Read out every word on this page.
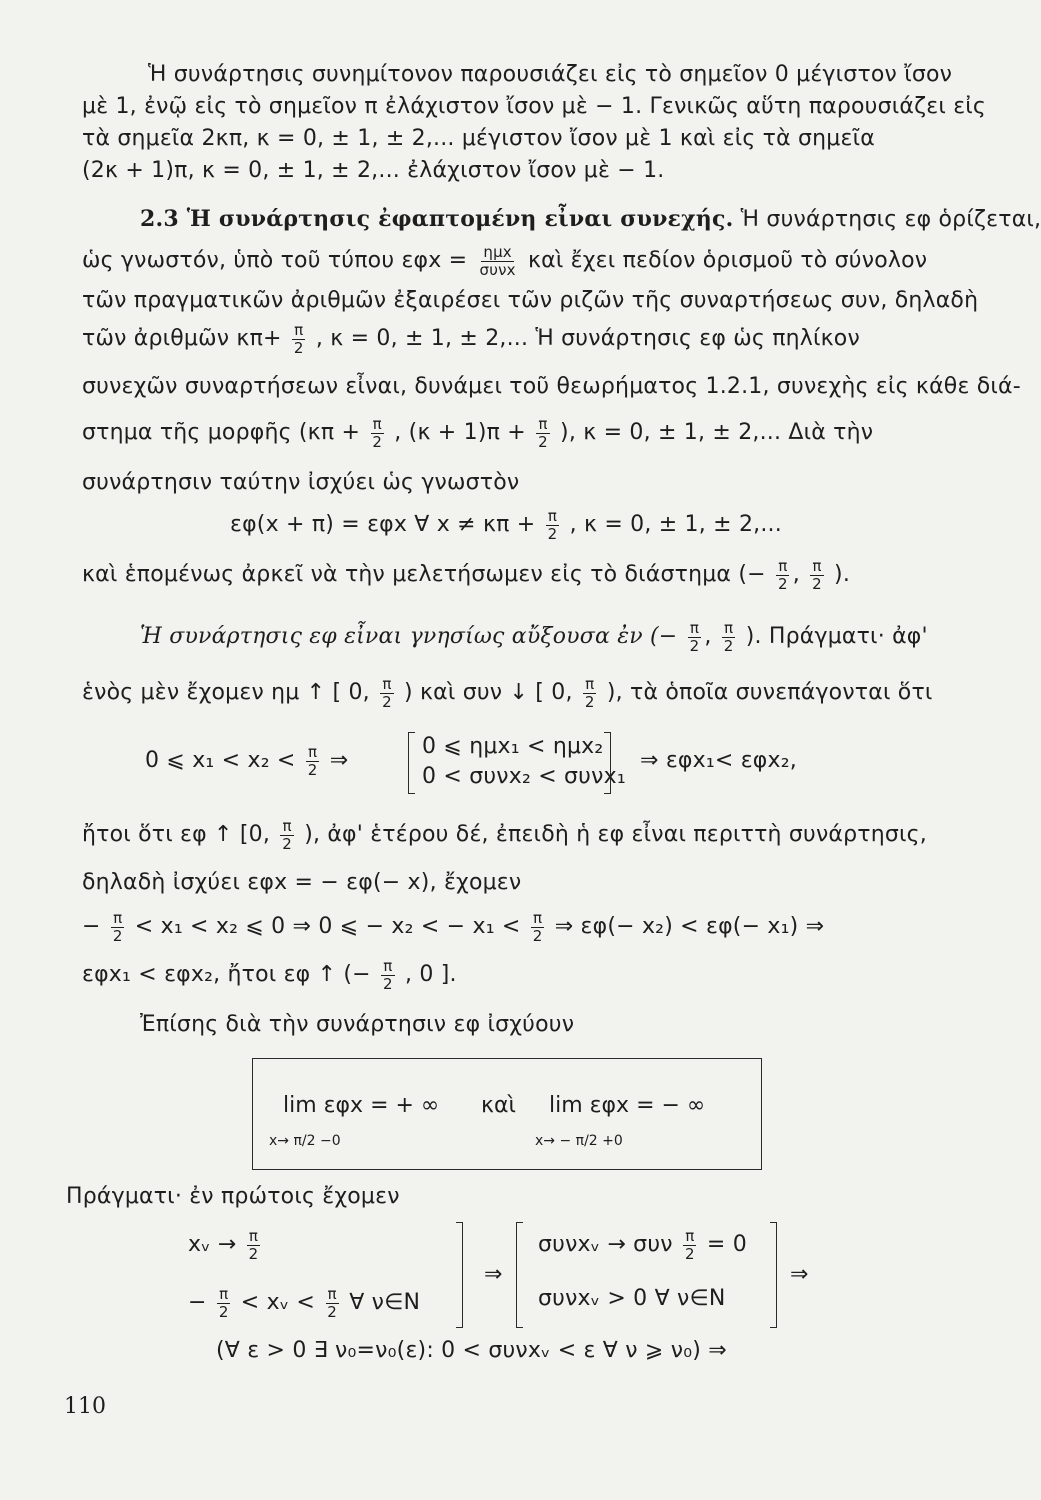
Ἡ συνάρτησις συνημίτονον παρουσιάζει εἰς τὸ σημεῖον 0 μέγιστον ἴσον
μὲ 1, ἐνῷ εἰς τὸ σημεῖον π ἐλάχιστον ἴσον μὲ − 1. Γενικῶς αὕτη παρουσιάζει εἰς
τὰ σημεῖα 2κπ, κ = 0, ± 1, ± 2,... μέγιστον ἴσον μὲ 1 καὶ εἰς τὰ σημεῖα
(2κ + 1)π, κ = 0, ± 1, ± 2,... ἐλάχιστον ἴσον μὲ − 1.
2.3 Ἡ συνάρτησις ἐφαπτομένη εἶναι συνεχής. Ἡ συνάρτησις εφ ὁρίζεται,
ὡς γνωστόν, ὑπὸ τοῦ τύπου $\varepsilon\varphi x = \frac{\text{ημx}}{\text{συνx}}$ καὶ ἔχει πεδίον ὁρισμοῦ τὸ σύνολον
τῶν πραγματικῶν ἀριθμῶν ἐξαιρέσει τῶν ριζῶν τῆς συναρτήσεως συν, δηλαδὴ
τῶν ἀριθμῶν $\kappa\pi+ \frac{\pi}{2}$ , κ = 0, ± 1, ± 2,... Ἡ συνάρτησις εφ ὡς πηλίκον
συνεχῶν συναρτήσεων εἶναι, δυνάμει τοῦ θεωρήματος 1.2.1, συνεχὴς εἰς κάθε διά-
στημα τῆς μορφῆς ($\kappa\pi + \frac{\pi}{2}$ , $(\kappa + 1)\pi + \frac{\pi}{2}$ ), κ = 0, ± 1, ± 2,... Διὰ τὴν
συνάρτησιν ταύτην ἰσχύει ὡς γνωστὸν
εφ(x + π) = εφx ∀ $x \ne \kappa\pi + \frac{\pi}{2}$ , κ = 0, ± 1, ± 2,...
καὶ ἑπομένως ἀρκεῖ νὰ τὴν μελετήσωμεν εἰς τὸ διάστημα (− $\frac{\pi}{2}$ , $\frac{\pi}{2}$ ).
Ἡ συνάρτησις εφ εἶναι γνησίως αὔξουσα ἐν (− $\frac{\pi}{2}$ , $\frac{\pi}{2}$ ). Πράγματι· ἀφ'
ἑνὸς μὲν ἔχομεν ημ ↑ [ 0, $\frac{\pi}{2}$ ) καὶ συν ↓ [ 0, $\frac{\pi}{2}$ ), τὰ ὁποῖα συνεπάγονται ὅτι
0 ⩽ $x_1 < x_2 < \frac{\pi}{2}$ ⇒
0 ⩽ ημx₁ < ημx₂
0 < συνx₂ < συνx₁
⇒ εφx₁< εφx₂,
ἤτοι ὅτι εφ ↑ [0, $\frac{\pi}{2}$ ), ἀφ' ἑτέρου δέ, ἐπειδὴ ἡ εφ εἶναι περιττὴ συνάρτησις,
δηλαδὴ ἰσχύει εφx = − εφ(− x), ἔχομεν
− $\frac{\pi}{2} < x_1 < x_2$ ⩽ 0 ⇒ 0 ⩽ − x₂ < − $x_1 < \frac{\pi}{2}$ ⇒ εφ(− x₂) < εφ(− x₁) ⇒
εφx₁ < εφx₂, ἤτοι εφ ↑ (− $\frac{\pi}{2}$ , 0 ].
Ἐπίσης διὰ τὴν συνάρτησιν εφ ἰσχύουν
lim εφx = + ∞
x→ π/2 −0
καὶ lim εφx = − ∞
x→ − π/2 +0
Πράγματι· ἐν πρώτοις ἔχομεν
xᵥ → $\frac{\pi}{2}$
− $\frac{\pi}{2}$ < xᵥ < $\frac{\pi}{2}$ ∀ ν∈N
⇒
συνxᵥ → συν $\frac{\pi}{2} = 0$
συνxᵥ > 0 ∀ ν∈N
⇒
(∀ ε > 0 ∃ ν₀=ν₀(ε): 0 < συνxᵥ < ε ∀ ν ⩾ ν₀) ⇒
110
